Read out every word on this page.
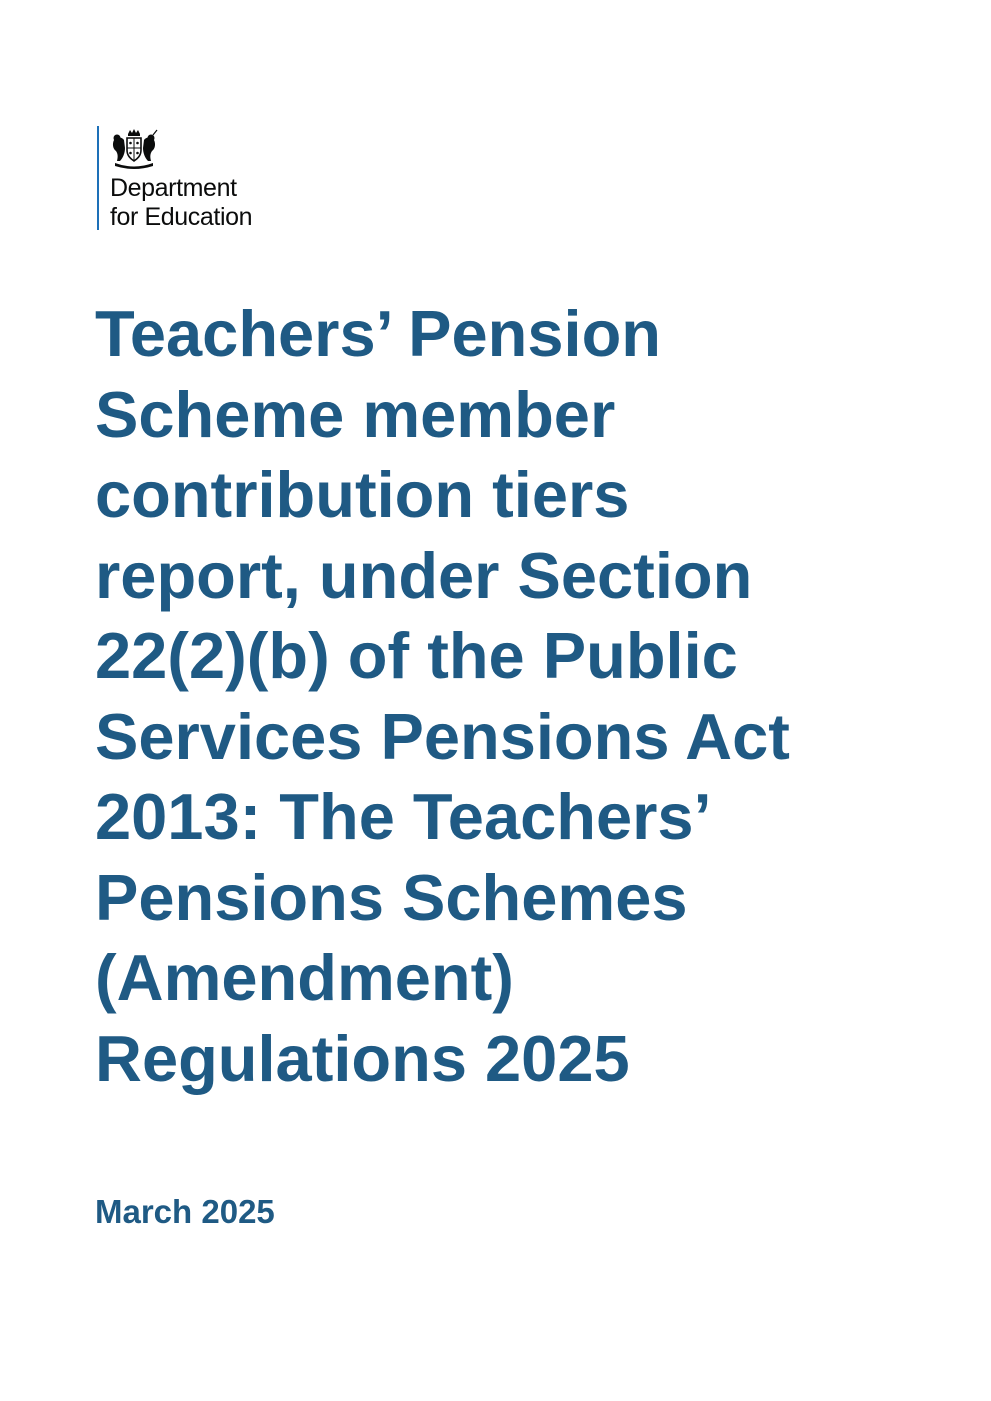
Department
for Education
Teachers’ Pension
Scheme member
contribution tiers
report, under Section
22(2)(b) of the Public
Services Pensions Act
2013: The Teachers’
Pensions Schemes
(Amendment)
Regulations 2025

March 2025
